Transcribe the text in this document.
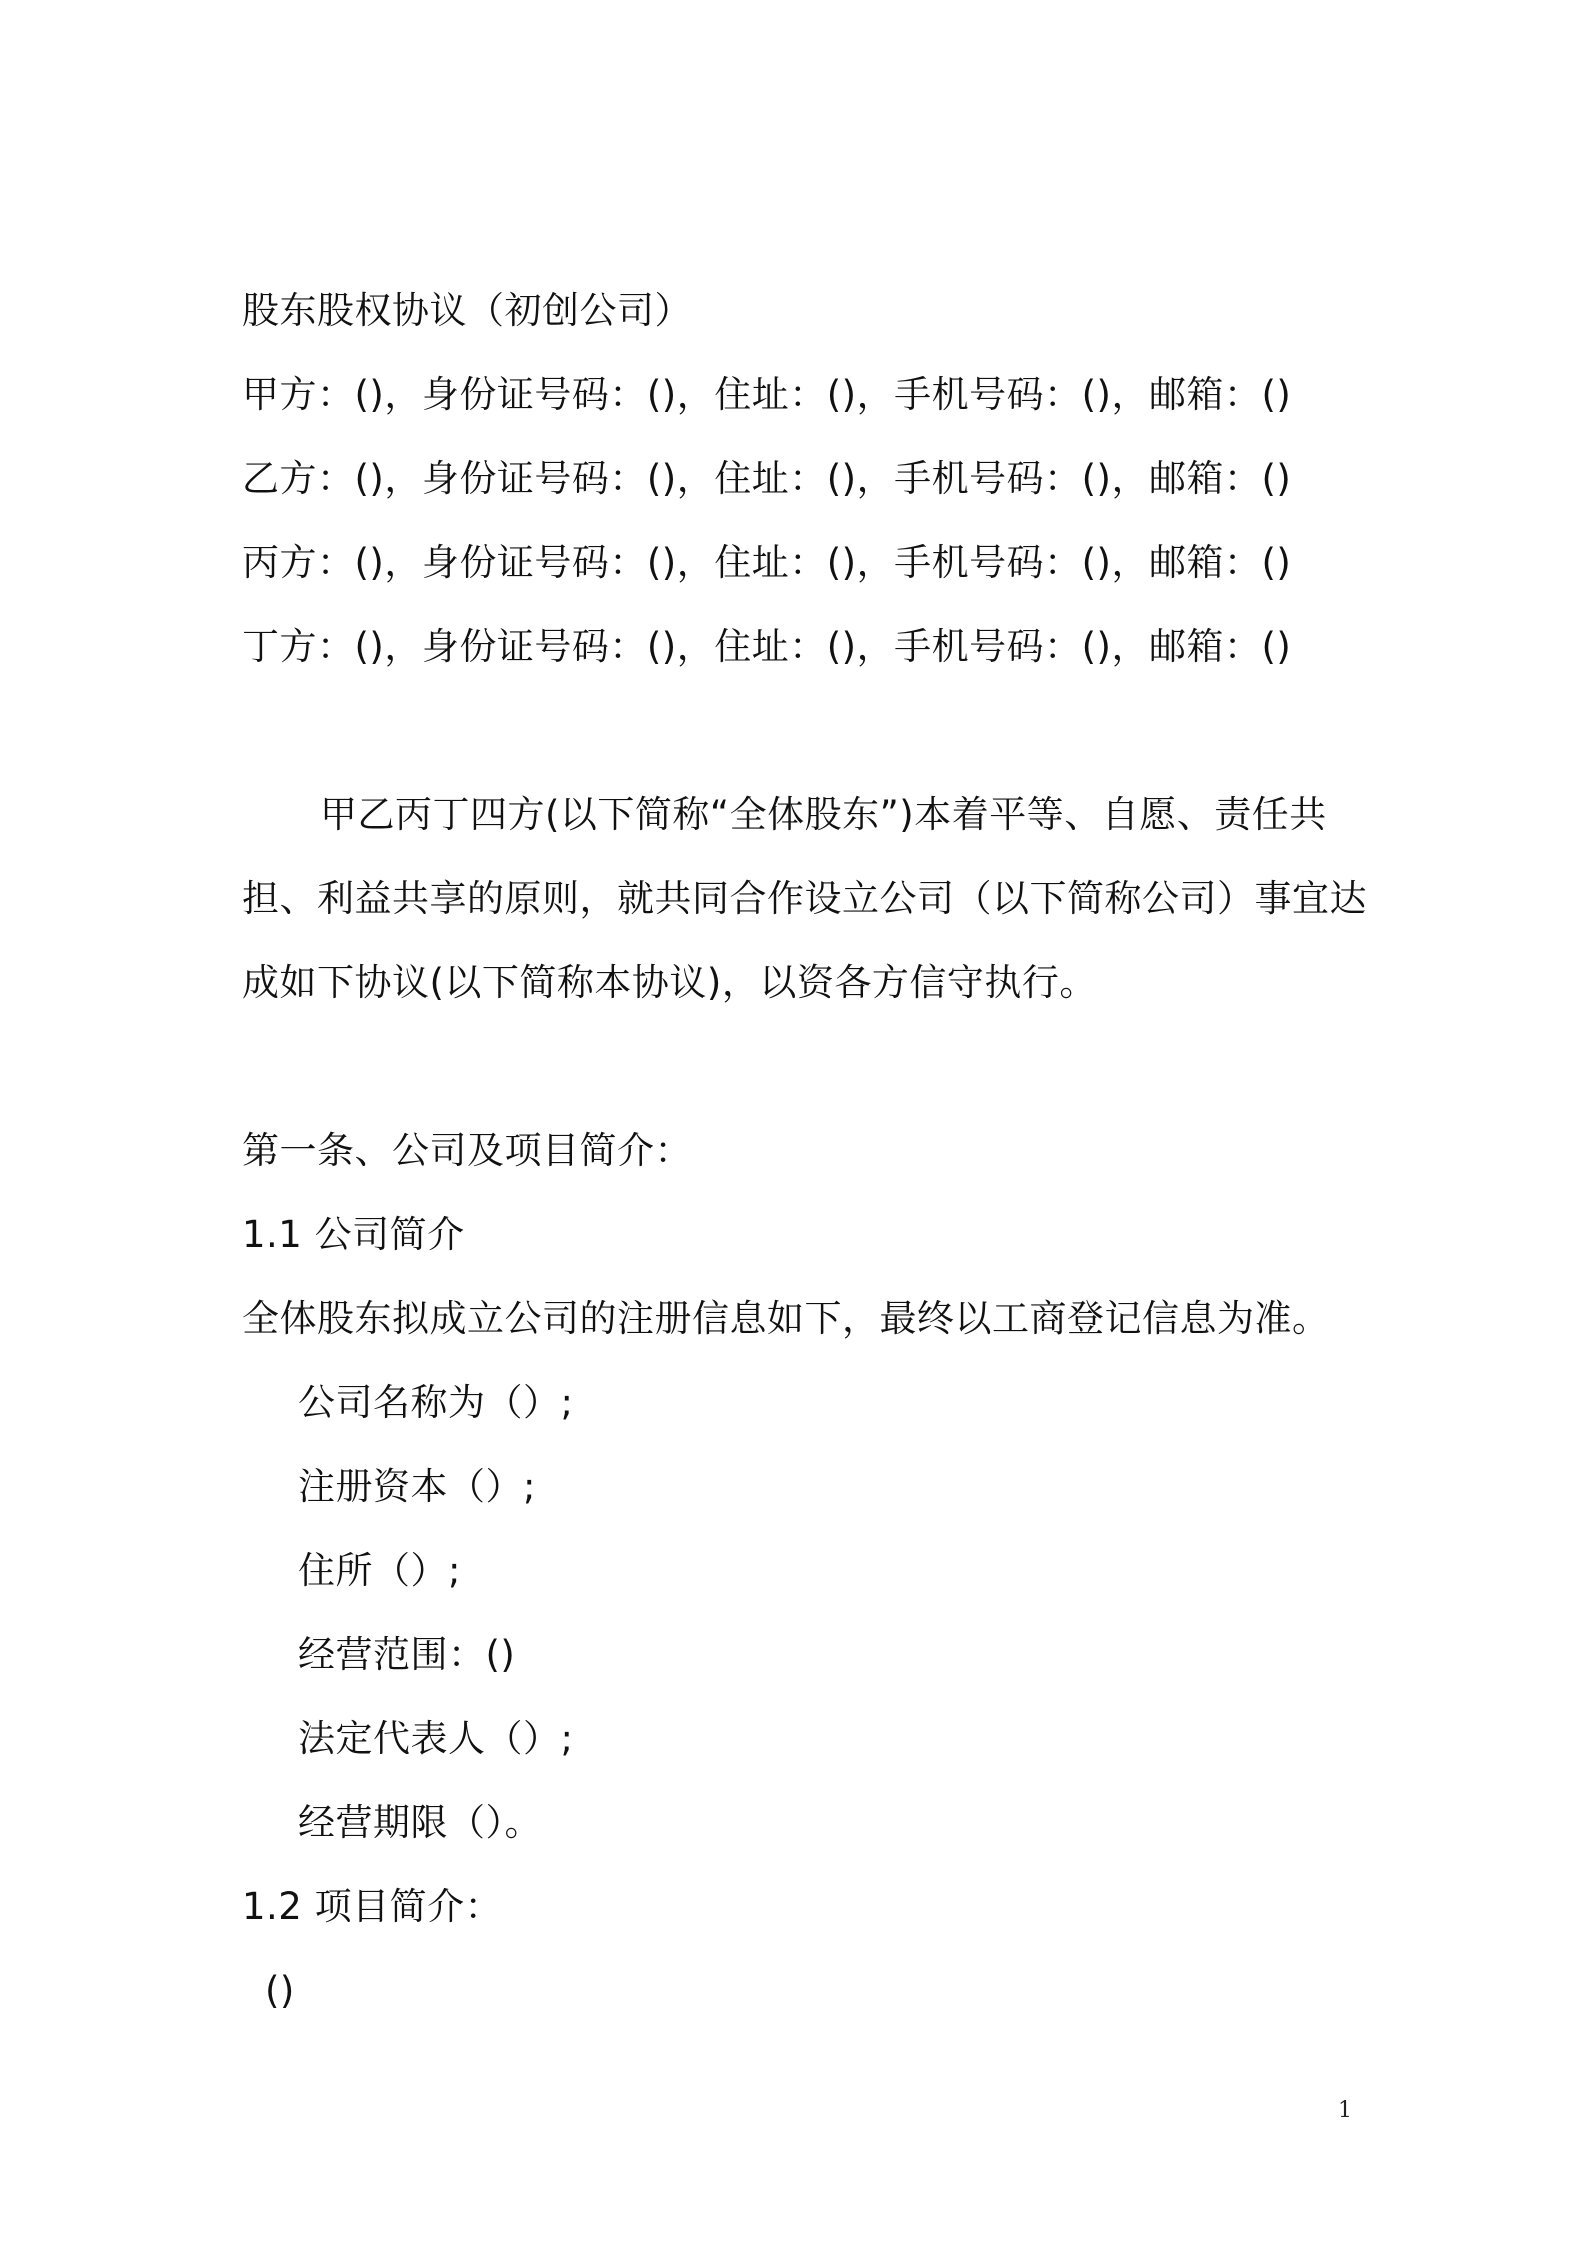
股东股权协议（初创公司）
甲方：()，身份证号码：()，住址：()，手机号码：()，邮箱：()
乙方：()，身份证号码：()，住址：()，手机号码：()，邮箱：()
丙方：()，身份证号码：()，住址：()，手机号码：()，邮箱：()
丁方：()，身份证号码：()，住址：()，手机号码：()，邮箱：()
甲乙丙丁四方(以下简称“全体股东”)本着平等、自愿、责任共
担、利益共享的原则，就共同合作设立公司（以下简称公司）事宜达
成如下协议(以下简称本协议)，以资各方信守执行。
第一条、公司及项目简介：
1.1 公司简介
全体股东拟成立公司的注册信息如下，最终以工商登记信息为准。
公司名称为（）;
注册资本（）;
住所（）;
经营范围：()
法定代表人（）;
经营期限（）。
1.2 项目简介：
()
1
